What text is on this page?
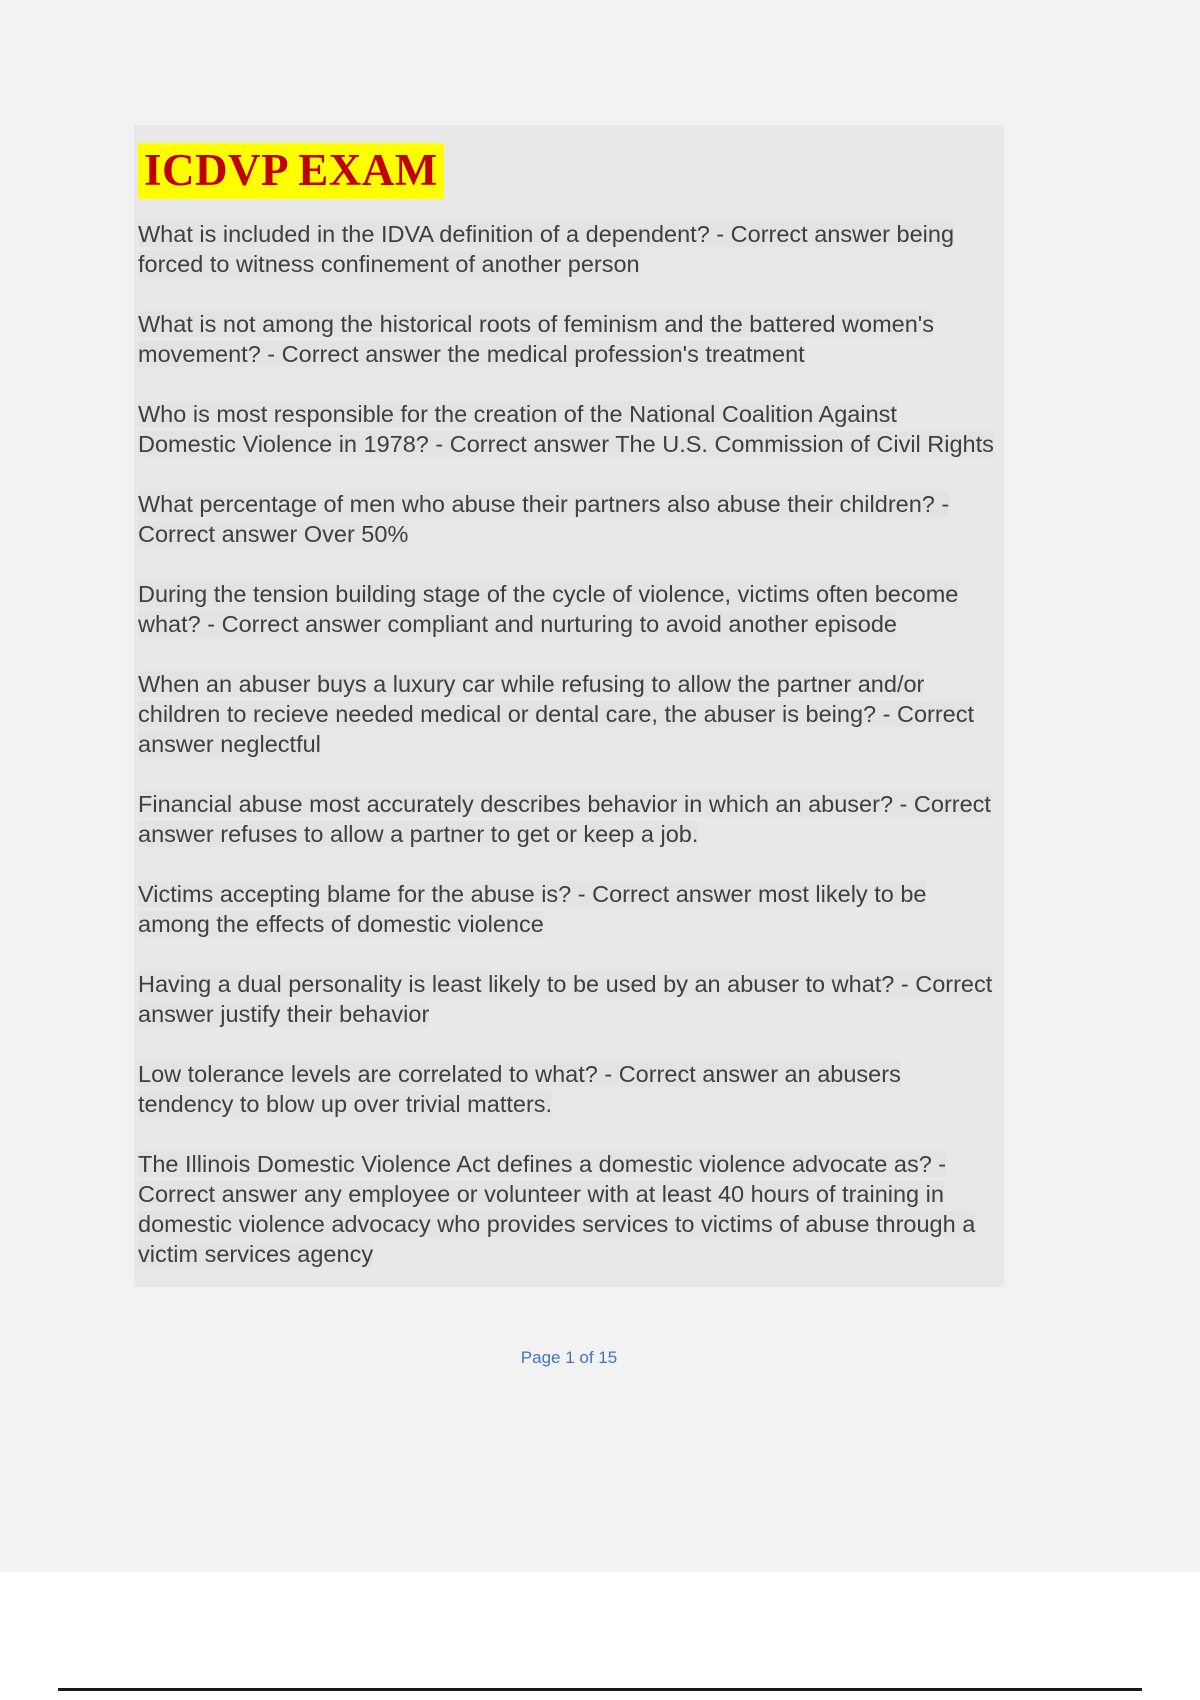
ICDVP EXAM

What is included in the IDVA definition of a dependent? - Correct answer being forced to witness confinement of another person

What is not among the historical roots of feminism and the battered women's movement? - Correct answer the medical profession's treatment

Who is most responsible for the creation of the National Coalition Against Domestic Violence in 1978? - Correct answer The U.S. Commission of Civil Rights

What percentage of men who abuse their partners also abuse their children? - Correct answer Over 50%

During the tension building stage of the cycle of violence, victims often become what? - Correct answer compliant and nurturing to avoid another episode

When an abuser buys a luxury car while refusing to allow the partner and/or children to recieve needed medical or dental care, the abuser is being? - Correct answer neglectful

Financial abuse most accurately describes behavior in which an abuser? - Correct answer refuses to allow a partner to get or keep a job.

Victims accepting blame for the abuse is? - Correct answer most likely to be among the effects of domestic violence

Having a dual personality is least likely to be used by an abuser to what? - Correct answer justify their behavior

Low tolerance levels are correlated to what? - Correct answer an abusers tendency to blow up over trivial matters.

The Illinois Domestic Violence Act defines a domestic violence advocate as? - Correct answer any employee or volunteer with at least 40 hours of training in domestic violence advocacy who provides services to victims of abuse through a victim services agency

Page 1 of 15
